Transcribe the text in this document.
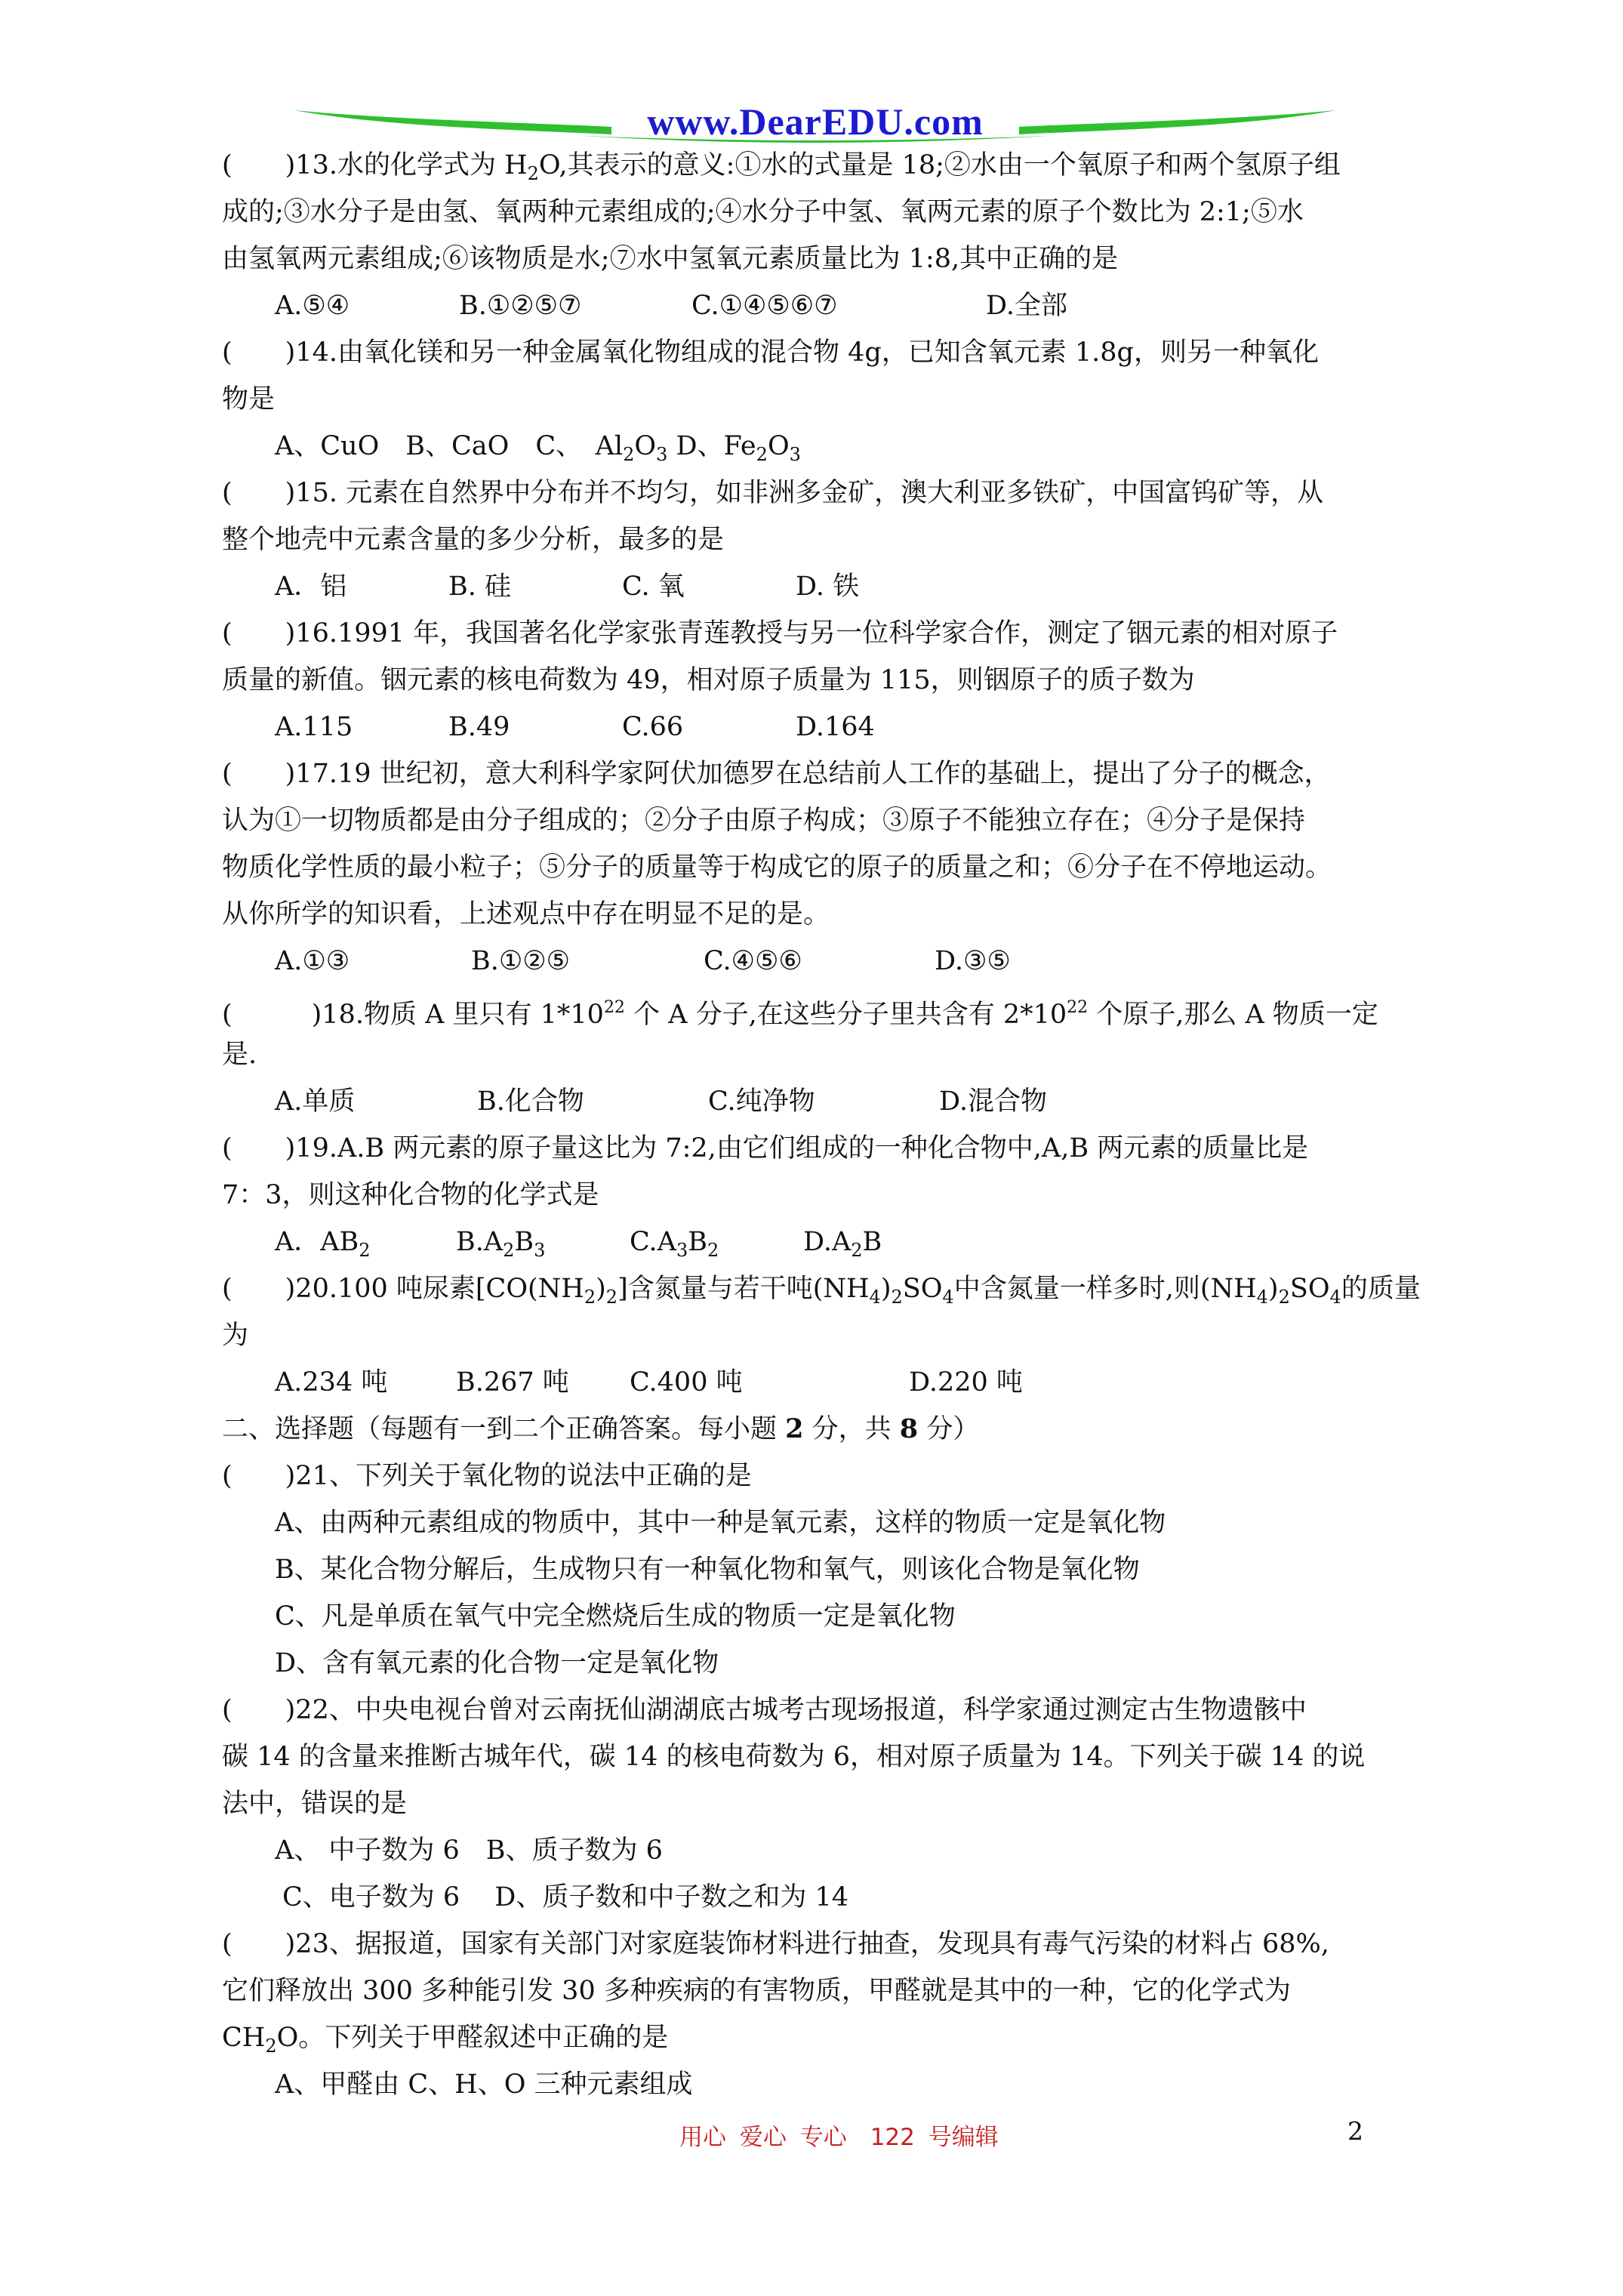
www.DearEDU.com
(　　)13.水的化学式为 $H_2O$,其表示的意义:①水的式量是 18;②水由一个氧原子和两个氢原子组
成的;③水分子是由氢、氧两种元素组成的;④水分子中氢、氧两元素的原子个数比为 2:1;⑤水
由氢氧两元素组成;⑥该物质是水;⑦水中氢氧元素质量比为 1:8,其中正确的是
A.⑤④	B.①②⑤⑦	C.①④⑤⑥⑦	D.全部
(　　)14.由氧化镁和另一种金属氧化物组成的混合物 4g，已知含氧元素 1.8g，则另一种氧化
物是
A、CuO　B、CaO　C、　$Al_2O_3$ D、$Fe_2O_3$
(　　)15. 元素在自然界中分布并不均匀，如非洲多金矿，澳大利亚多铁矿，中国富钨矿等，从
整个地壳中元素含量的多少分析，最多的是
A．铝	B. 硅	C. 氧	D. 铁
(　　)16.1991 年，我国著名化学家张青莲教授与另一位科学家合作，测定了铟元素的相对原子
质量的新值。铟元素的核电荷数为 49，相对原子质量为 115，则铟原子的质子数为
A.115	B.49	C.66	D.164
(　　)17.19 世纪初，意大利科学家阿伏加德罗在总结前人工作的基础上，提出了分子的概念，
认为①一切物质都是由分子组成的；②分子由原子构成；③原子不能独立存在；④分子是保持
物质化学性质的最小粒子；⑤分子的质量等于构成它的原子的质量之和；⑥分子在不停地运动。
从你所学的知识看，上述观点中存在明显不足的是。
A.①③	B.①②⑤	C.④⑤⑥	D.③⑤
(　　　)18.物质 A 里只有 $1*10^{22}$ 个 A 分子,在这些分子里共含有 $2*10^{22}$ 个原子,那么 A 物质一定
是.
A.单质	B.化合物	C.纯净物	D.混合物
(　　)19.A.B 两元素的原子量这比为 7:2,由它们组成的一种化合物中,A,B 两元素的质量比是
7：3，则这种化合物的化学式是
A．$AB_2$	$B.A_2B_3$	$C.A_3B_2$	$D.A_2B$
(　　)20.100 吨尿素$[CO(NH_2)_2]$含氮量与若干吨$(NH_4)_2SO_4$中含氮量一样多时,则$(NH_4)_2SO_4$的质量
为
A.234 吨	B.267 吨 C.400 吨	D.220 吨
二、选择题（每题有一到二个正确答案。每小题 2 分，共 8 分）
(　　)21、下列关于氧化物的说法中正确的是
A、由两种元素组成的物质中，其中一种是氧元素，这样的物质一定是氧化物
B、某化合物分解后，生成物只有一种氧化物和氧气，则该化合物是氧化物
C、凡是单质在氧气中完全燃烧后生成的物质一定是氧化物
D、含有氧元素的化合物一定是氧化物
(　　)22、中央电视台曾对云南抚仙湖湖底古城考古现场报道，科学家通过测定古生物遗骸中
碳 14 的含量来推断古城年代，碳 14 的核电荷数为 6，相对原子质量为 14。下列关于碳 14 的说
法中，错误的是
A、 中子数为 6　B、质子数为 6
C、电子数为 6　 D、质子数和中子数之和为 14
(　　)23、据报道，国家有关部门对家庭装饰材料进行抽查，发现具有毒气污染的材料占 68%,
它们释放出 300 多种能引发 30 多种疾病的有害物质，甲醛就是其中的一种，它的化学式为
$CH_2O$。下列关于甲醛叙述中正确的是
A、甲醛由 C、H、O 三种元素组成
用心 爱心 专心　122 号编辑	2
